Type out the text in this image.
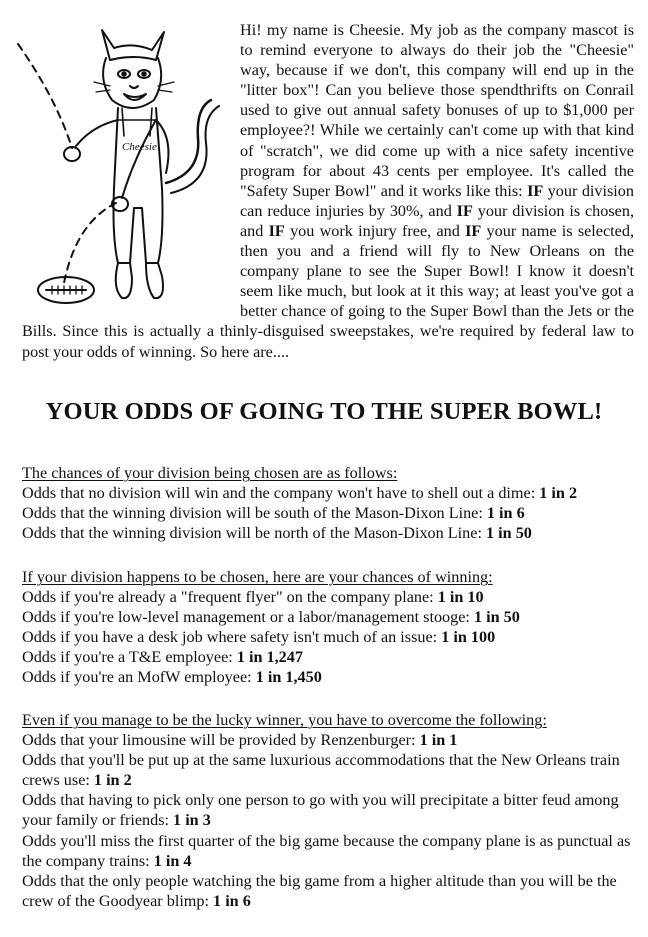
Cheesie

Hi! my name is Cheesie. My job as the company mascot is to remind everyone to always do their job the "Cheesie" way, because if we don't, this company will end up in the "litter box"! Can you believe those spendthrifts on Conrail used to give out annual safety bonuses of up to $1,000 per employee?! While we certainly can't come up with that kind of "scratch", we did come up with a nice safety incentive program for about 43 cents per employee. It's called the "Safety Super Bowl" and it works like this: IF your division can reduce injuries by 30%, and IF your division is chosen, and IF you work injury free, and IF your name is selected, then you and a friend will fly to New Orleans on the company plane to see the Super Bowl! I know it doesn't seem like much, but look at it this way; at least you've got a better chance of going to the Super Bowl than the Jets or the Bills. Since this is actually a thinly-disguised sweepstakes, we're required by federal law to post your odds of winning. So here are....

YOUR ODDS OF GOING TO THE SUPER BOWL!
The chances of your division being chosen are as follows:
Odds that no division will win and the company won't have to shell out a dime: 1 in 2
Odds that the winning division will be south of the Mason-Dixon Line: 1 in 6
Odds that the winning division will be north of the Mason-Dixon Line: 1 in 50
If your division happens to be chosen, here are your chances of winning:
Odds if you're already a "frequent flyer" on the company plane: 1 in 10
Odds if you're low-level management or a labor/management stooge: 1 in 50
Odds if you have a desk job where safety isn't much of an issue: 1 in 100
Odds if you're a T&E employee: 1 in 1,247
Odds if you're an MofW employee: 1 in 1,450
Even if you manage to be the lucky winner, you have to overcome the following:
Odds that your limousine will be provided by Renzenburger: 1 in 1
Odds that you'll be put up at the same luxurious accommodations that the New Orleans train crews use: 1 in 2
Odds that having to pick only one person to go with you will precipitate a bitter feud among your family or friends: 1 in 3
Odds you'll miss the first quarter of the big game because the company plane is as punctual as the company trains: 1 in 4
Odds that the only people watching the big game from a higher altitude than you will be the crew of the Goodyear blimp: 1 in 6
